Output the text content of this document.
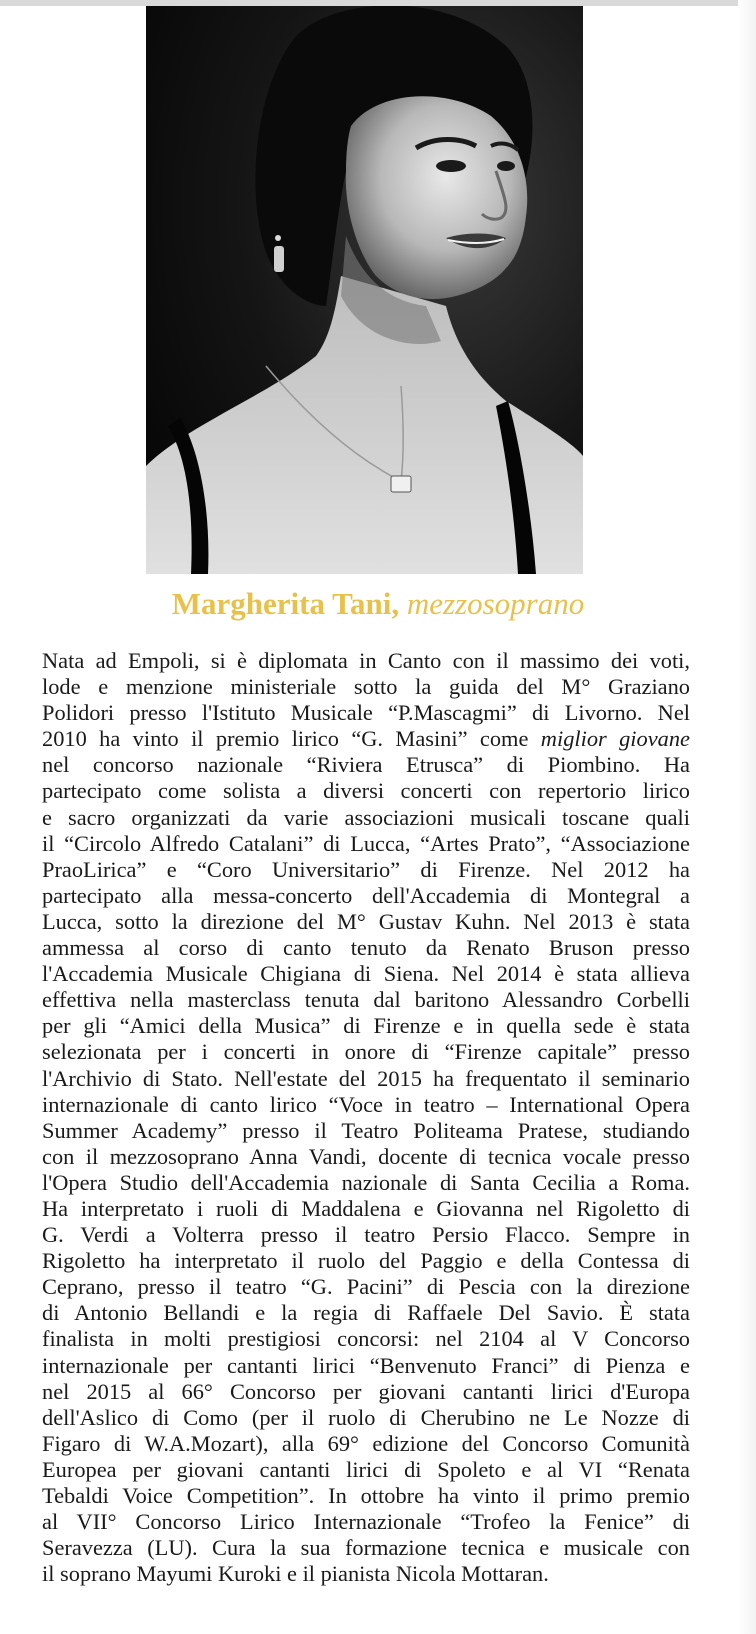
Margherita Tani, mezzosoprano
Nata ad Empoli, si è diplomata in Canto con il massimo dei voti,
lode e menzione ministeriale sotto la guida del M° Graziano
Polidori presso l'Istituto Musicale “P.Mascagmi” di Livorno. Nel
2010 ha vinto il premio lirico “G. Masini” come miglior giovane
nel concorso nazionale “Riviera Etrusca” di Piombino. Ha
partecipato come solista a diversi concerti con repertorio lirico
e sacro organizzati da varie associazioni musicali toscane quali
il “Circolo Alfredo Catalani” di Lucca, “Artes Prato”, “Associazione
PraoLirica” e “Coro Universitario” di Firenze. Nel 2012 ha
partecipato alla messa-concerto dell'Accademia di Montegral a
Lucca, sotto la direzione del M° Gustav Kuhn. Nel 2013 è stata
ammessa al corso di canto tenuto da Renato Bruson presso
l'Accademia Musicale Chigiana di Siena. Nel 2014 è stata allieva
effettiva nella masterclass tenuta dal baritono Alessandro Corbelli
per gli “Amici della Musica” di Firenze e in quella sede è stata
selezionata per i concerti in onore di “Firenze capitale” presso
l'Archivio di Stato. Nell'estate del 2015 ha frequentato il seminario
internazionale di canto lirico “Voce in teatro – International Opera
Summer Academy” presso il Teatro Politeama Pratese, studiando
con il mezzosoprano Anna Vandi, docente di tecnica vocale presso
l'Opera Studio dell'Accademia nazionale di Santa Cecilia a Roma.
Ha interpretato i ruoli di Maddalena e Giovanna nel Rigoletto di
G. Verdi a Volterra presso il teatro Persio Flacco. Sempre in
Rigoletto ha interpretato il ruolo del Paggio e della Contessa di
Ceprano, presso il teatro “G. Pacini” di Pescia con la direzione
di Antonio Bellandi e la regia di Raffaele Del Savio. È stata
finalista in molti prestigiosi concorsi: nel 2104 al V Concorso
internazionale per cantanti lirici “Benvenuto Franci” di Pienza e
nel 2015 al 66° Concorso per giovani cantanti lirici d'Europa
dell'Aslico di Como (per il ruolo di Cherubino ne Le Nozze di
Figaro di W.A.Mozart), alla 69° edizione del Concorso Comunità
Europea per giovani cantanti lirici di Spoleto e al VI “Renata
Tebaldi Voice Competition”. In ottobre ha vinto il primo premio
al VII° Concorso Lirico Internazionale “Trofeo la Fenice” di
Seravezza (LU). Cura la sua formazione tecnica e musicale con
il soprano Mayumi Kuroki e il pianista Nicola Mottaran.
